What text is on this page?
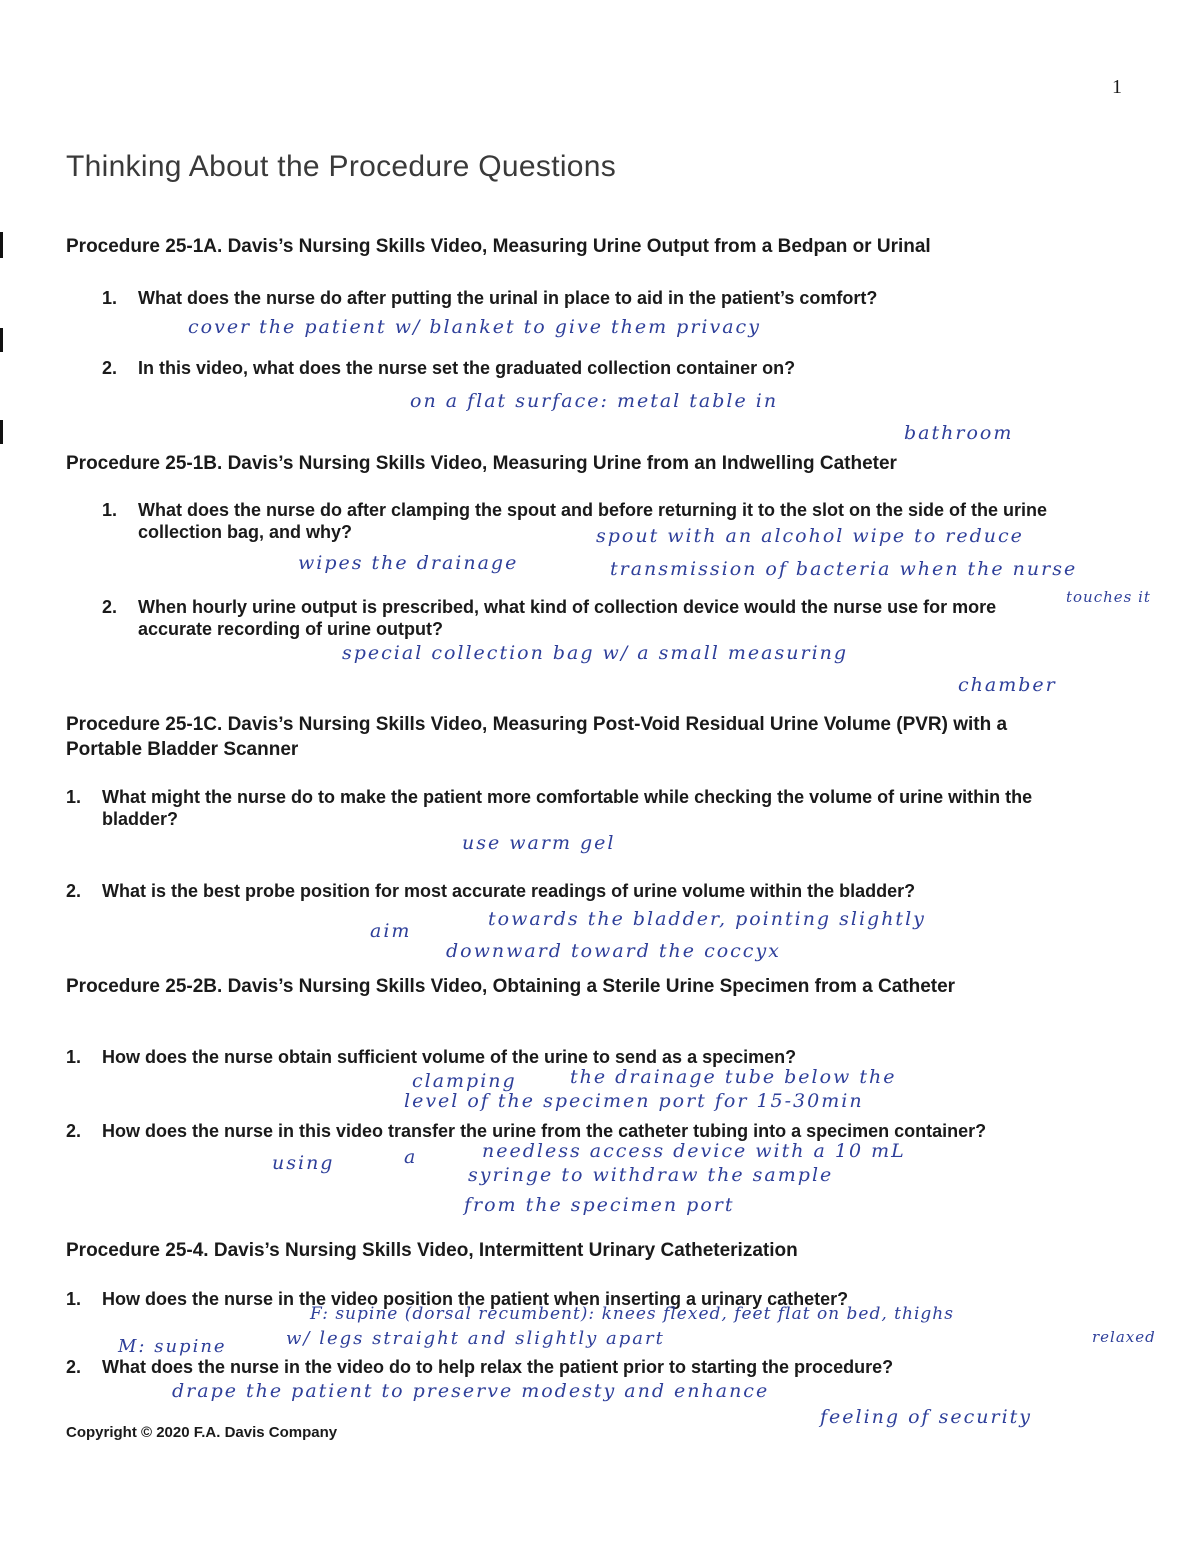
1
Thinking About the Procedure Questions
Procedure 25-1A. Davis’s Nursing Skills Video, Measuring Urine Output from a Bedpan or Urinal
1. What does the nurse do after putting the urinal in place to aid in the patient’s comfort?
cover the patient w/ blanket to give them privacy
2. In this video, what does the nurse set the graduated collection container on?
on a flat surface: metal table in
bathroom
Procedure 25-1B. Davis’s Nursing Skills Video, Measuring Urine from an Indwelling Catheter
1. What does the nurse do after clamping the spout and before returning it to the slot on the side of the urine collection bag, and why?	spout with an alcohol wipe to reduce
wipes the drainage	transmission of bacteria when the nurse
touches it
2. When hourly urine output is prescribed, what kind of collection device would the nurse use for more accurate recording of urine output?
special collection bag w/ a small measuring
chamber
Procedure 25-1C. Davis’s Nursing Skills Video, Measuring Post-Void Residual Urine Volume (PVR) with a Portable Bladder Scanner
1. What might the nurse do to make the patient more comfortable while checking the volume of urine within the bladder?
use warm gel
2. What is the best probe position for most accurate readings of urine volume within the bladder?
aim
towards the bladder, pointing slightly
downward toward the coccyx
Procedure 25-2B. Davis’s Nursing Skills Video, Obtaining a Sterile Urine Specimen from a Catheter
1. How does the nurse obtain sufficient volume of the urine to send as a specimen?
clamping	the drainage tube below the
level of the specimen port for 15-30min
2. How does the nurse in this video transfer the urine from the catheter tubing into a specimen container?
using	a	needless access device with a 10 mL
syringe to withdraw the sample
from the specimen port
Procedure 25-4. Davis’s Nursing Skills Video, Intermittent Urinary Catheterization
1. How does the nurse in the video position the patient when inserting a urinary catheter?
F: supine (dorsal recumbent): knees flexed, feet flat on bed, thighs
relaxed
M: supine	w/ legs straight and slightly apart
2. What does the nurse in the video do to help relax the patient prior to starting the procedure?
drape the patient to preserve modesty and enhance
feeling of security
Copyright © 2020 F.A. Davis Company
